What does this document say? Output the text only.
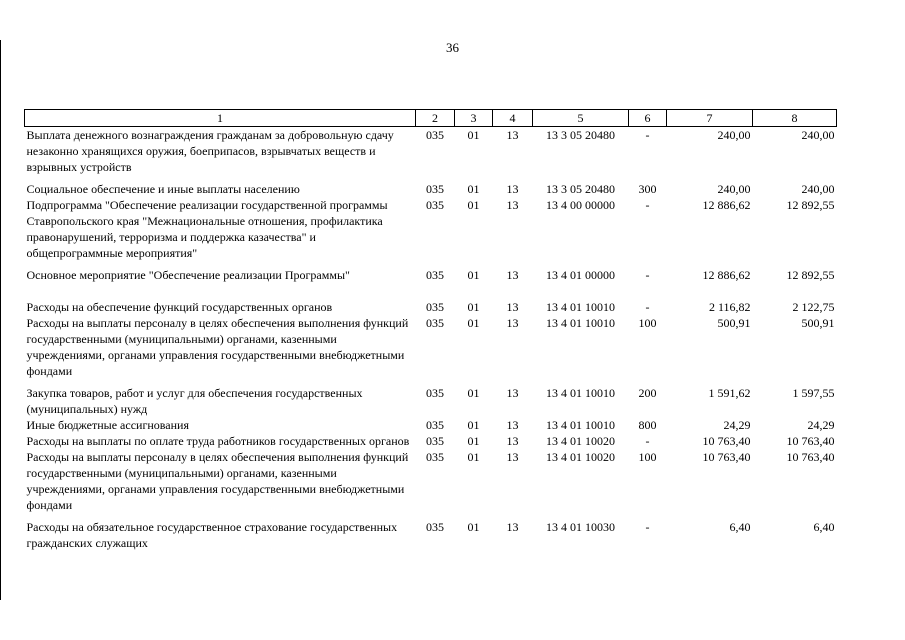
36
1	2	3	4	5	6	7	8
Выплата денежного вознаграждения гражданам за добровольную сдачу незаконно хранящихся оружия, боеприпасов, взрывчатых веществ и взрывных устройств	035	01	13	13 3 05 20480	-	240,00	240,00

Социальное обеспечение и иные выплаты населению	035	01	13	13 3 05 20480	300	240,00	240,00
Подпрограмма "Обеспечение реализации государственной программы Ставропольского края "Межнациональные отношения, профилактика правонарушений, терроризма и поддержка казачества" и общепрограммные мероприятия"	035	01	13	13 4 00 00000	-	12 886,62	12 892,55

Основное мероприятие "Обеспечение реализации Программы"	035	01	13	13 4 01 00000	-	12 886,62	12 892,55

Расходы на обеспечение функций государственных органов	035	01	13	13 4 01 10010	-	2 116,82	2 122,75
Расходы на выплаты персоналу в целях обеспечения выполнения функций государственными (муниципальными) органами, казенными учреждениями, органами управления государственными внебюджетными фондами	035	01	13	13 4 01 10010	100	500,91	500,91

Закупка товаров, работ и услуг для обеспечения государственных (муниципальных) нужд	035	01	13	13 4 01 10010	200	1 591,62	1 597,55
Иные бюджетные ассигнования	035	01	13	13 4 01 10010	800	24,29	24,29
Расходы на выплаты по оплате труда работников государственных органов	035	01	13	13 4 01 10020	-	10 763,40	10 763,40
Расходы на выплаты персоналу в целях обеспечения выполнения функций государственными (муниципальными) органами, казенными учреждениями, органами управления государственными внебюджетными фондами	035	01	13	13 4 01 10020	100	10 763,40	10 763,40

Расходы на обязательное государственное страхование государственных гражданских служащих	035	01	13	13 4 01 10030	-	6,40	6,40
